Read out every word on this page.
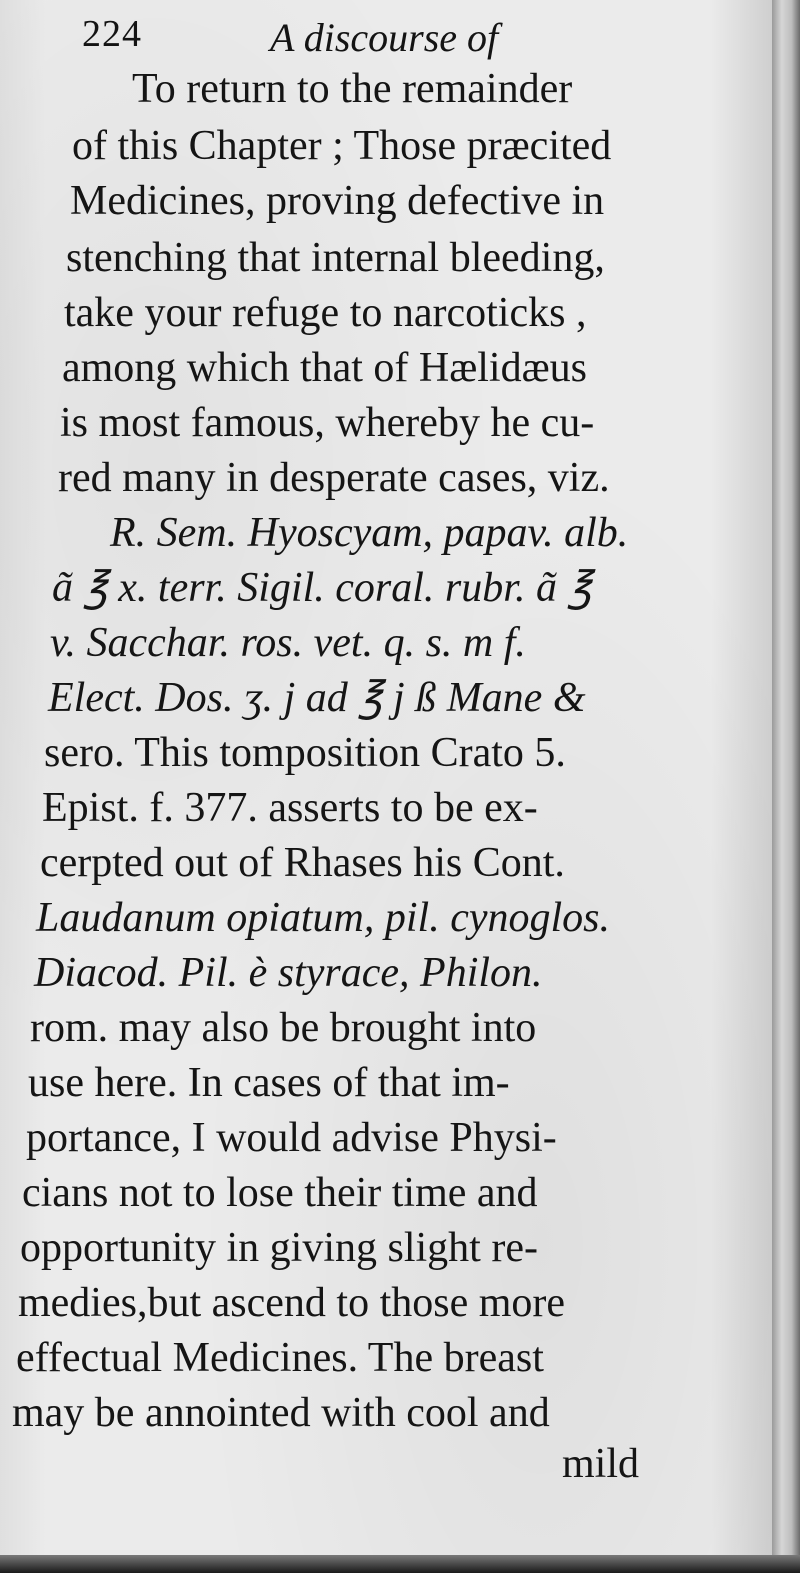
224	A discourse of
To return to the remainder
of this Chapter ; Those præcited
Medicines, proving defective in
stenching that internal bleeding,
take your refuge to narcoticks ,
among which that of Hælidæus
is most famous, whereby he cu-
red many in desperate cases, viz.
R. Sem. Hyoscyam, papav. alb.
ã ℥ x. terr. Sigil. coral. rubr. ã ℥
v. Sacchar. ros. vet. q. s. m f.
Elect. Dos. ʒ. j ad ℥ j ß Mane &
sero. This tomposition Crato 5.
Epist. f. 377. asserts to be ex-
cerpted out of Rhases his Cont.
Laudanum opiatum, pil. cynoglos.
Diacod. Pil. è styrace, Philon.
rom. may also be brought into
use here. In cases of that im-
portance, I would advise Physi-
cians not to lose their time and
opportunity in giving slight re-
medies,but ascend to those more
effectual Medicines. The breast
may be annointed with cool and
mild
